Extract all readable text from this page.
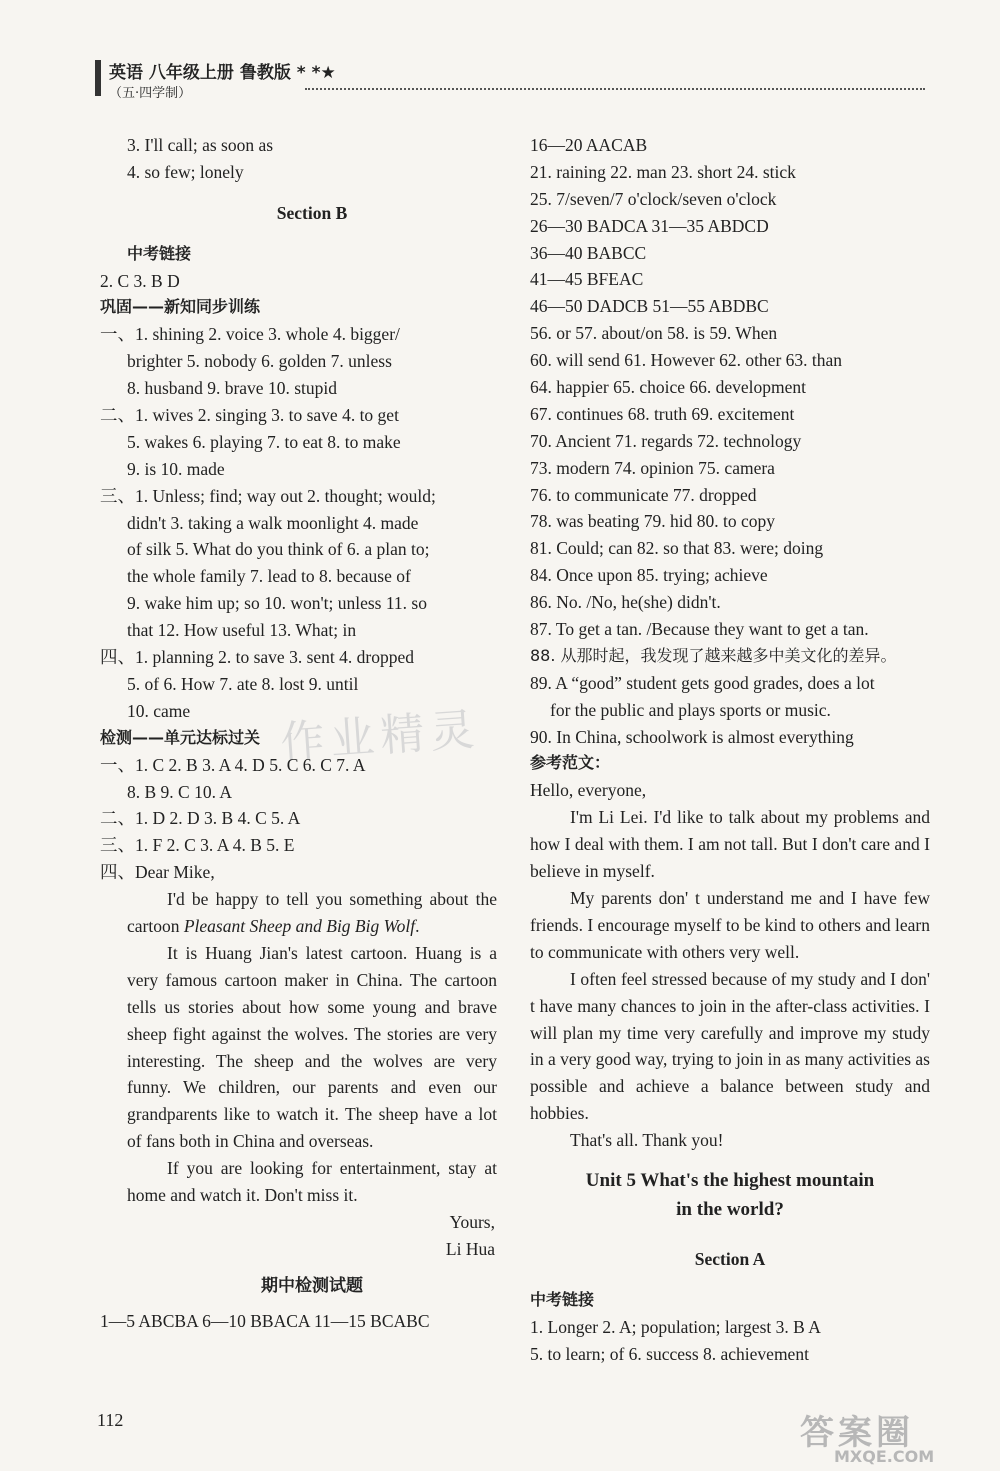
英语 八年级上册 鲁教版 * *★
（五·四学制）
作业精灵
3. I'll call; as soon as
4. so few; lonely
Section B
中考链接
2. C 3. B D
巩固——新知同步训练
一、1. shining 2. voice 3. whole 4. bigger/
brighter 5. nobody 6. golden 7. unless
8. husband 9. brave 10. stupid
二、1. wives 2. singing 3. to save 4. to get
5. wakes 6. playing 7. to eat 8. to make
9. is 10. made
三、1. Unless; find; way out 2. thought; would;
didn't 3. taking a walk moonlight 4. made
of silk 5. What do you think of 6. a plan to;
the whole family 7. lead to 8. because of
9. wake him up; so 10. won't; unless 11. so
that 12. How useful 13. What; in
四、1. planning 2. to save 3. sent 4. dropped
5. of 6. How 7. ate 8. lost 9. until
10. came
检测——单元达标过关
一、1. C 2. B 3. A 4. D 5. C 6. C 7. A
8. B 9. C 10. A
二、1. D 2. D 3. B 4. C 5. A
三、1. F 2. C 3. A 4. B 5. E
四、Dear Mike,
I'd be happy to tell you something about the cartoon Pleasant Sheep and Big Big Wolf.
It is Huang Jian's latest cartoon. Huang is a very famous cartoon maker in China. The cartoon tells us stories about how some young and brave sheep fight against the wolves. The stories are very interesting. The sheep and the wolves are very funny. We children, our parents and even our grandparents like to watch it. The sheep have a lot of fans both in China and overseas.
If you are looking for entertainment, stay at home and watch it. Don't miss it.
Yours,
Li Hua
期中检测试题
1—5 ABCBA 6—10 BBACA 11—15 BCABC
16—20 AACAB
21. raining 22. man 23. short 24. stick
25. 7/seven/7 o'clock/seven o'clock
26—30 BADCA 31—35 ABDCD
36—40 BABCC
41—45 BFEAC
46—50 DADCB 51—55 ABDBC
56. or 57. about/on 58. is 59. When
60. will send 61. However 62. other 63. than
64. happier 65. choice 66. development
67. continues 68. truth 69. excitement
70. Ancient 71. regards 72. technology
73. modern 74. opinion 75. camera
76. to communicate 77. dropped
78. was beating 79. hid 80. to copy
81. Could; can 82. so that 83. were; doing
84. Once upon 85. trying; achieve
86. No. /No, he(she) didn't.
87. To get a tan. /Because they want to get a tan.
88. 从那时起，我发现了越来越多中美文化的差异。
89. A “good” student gets good grades, does a lot
for the public and plays sports or music.
90. In China, schoolwork is almost everything
参考范文：
Hello, everyone,
I'm Li Lei. I'd like to talk about my problems and how I deal with them. I am not tall. But I don't care and I believe in myself.
My parents don' t understand me and I have few friends. I encourage myself to be kind to others and learn to communicate with others very well.
I often feel stressed because of my study and I don' t have many chances to join in the after-class activities. I will plan my time very carefully and improve my study in a very good way, trying to join in as many activities as possible and achieve a balance between study and hobbies.
That's all. Thank you!
Unit 5 What's the highest mountain
in the world?
Section A
中考链接
1. Longer 2. A; population; largest 3. B A
5. to learn; of 6. success 8. achievement
112	答案圈
MXQE.COM
